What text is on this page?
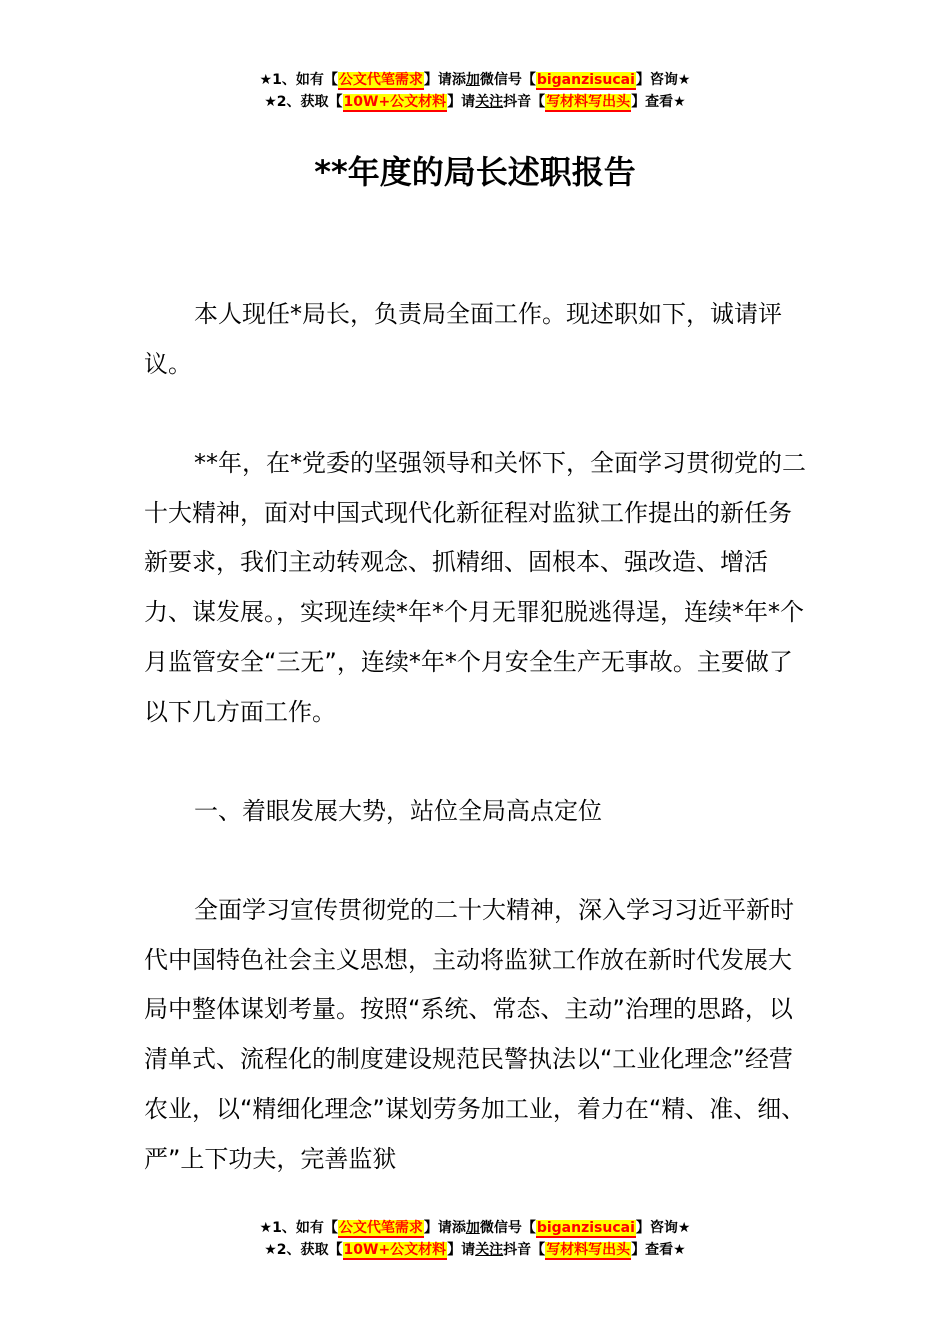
★1、如有【公文代笔需求】请添加微信号【biganzisucai】咨询★
★2、获取【10W+公文材料】请关注抖音【写材料写出头】查看★
**年度的局长述职报告

本人现任*局长，负责局全面工作。现述职如下，诚请评议。

**年，在*党委的坚强领导和关怀下，全面学习贯彻党的二十大精神，面对中国式现代化新征程对监狱工作提出的新任务新要求，我们主动转观念、抓精细、固根本、强改造、增活力、谋发展。，实现连续*年*个月无罪犯脱逃得逞，连续*年*个月监管安全“三无”，连续*年*个月安全生产无事故。主要做了以下几方面工作。

一、着眼发展大势，站位全局高点定位

全面学习宣传贯彻党的二十大精神，深入学习习近平新时代中国特色社会主义思想，主动将监狱工作放在新时代发展大局中整体谋划考量。按照“系统、常态、主动”治理的思路，以清单式、流程化的制度建设规范民警执法以“工业化理念”经营农业，以“精细化理念”谋划劳务加工业，着力在“精、准、细、严”上下功夫，完善监狱

★1、如有【公文代笔需求】请添加微信号【biganzisucai】咨询★
★2、获取【10W+公文材料】请关注抖音【写材料写出头】查看★
